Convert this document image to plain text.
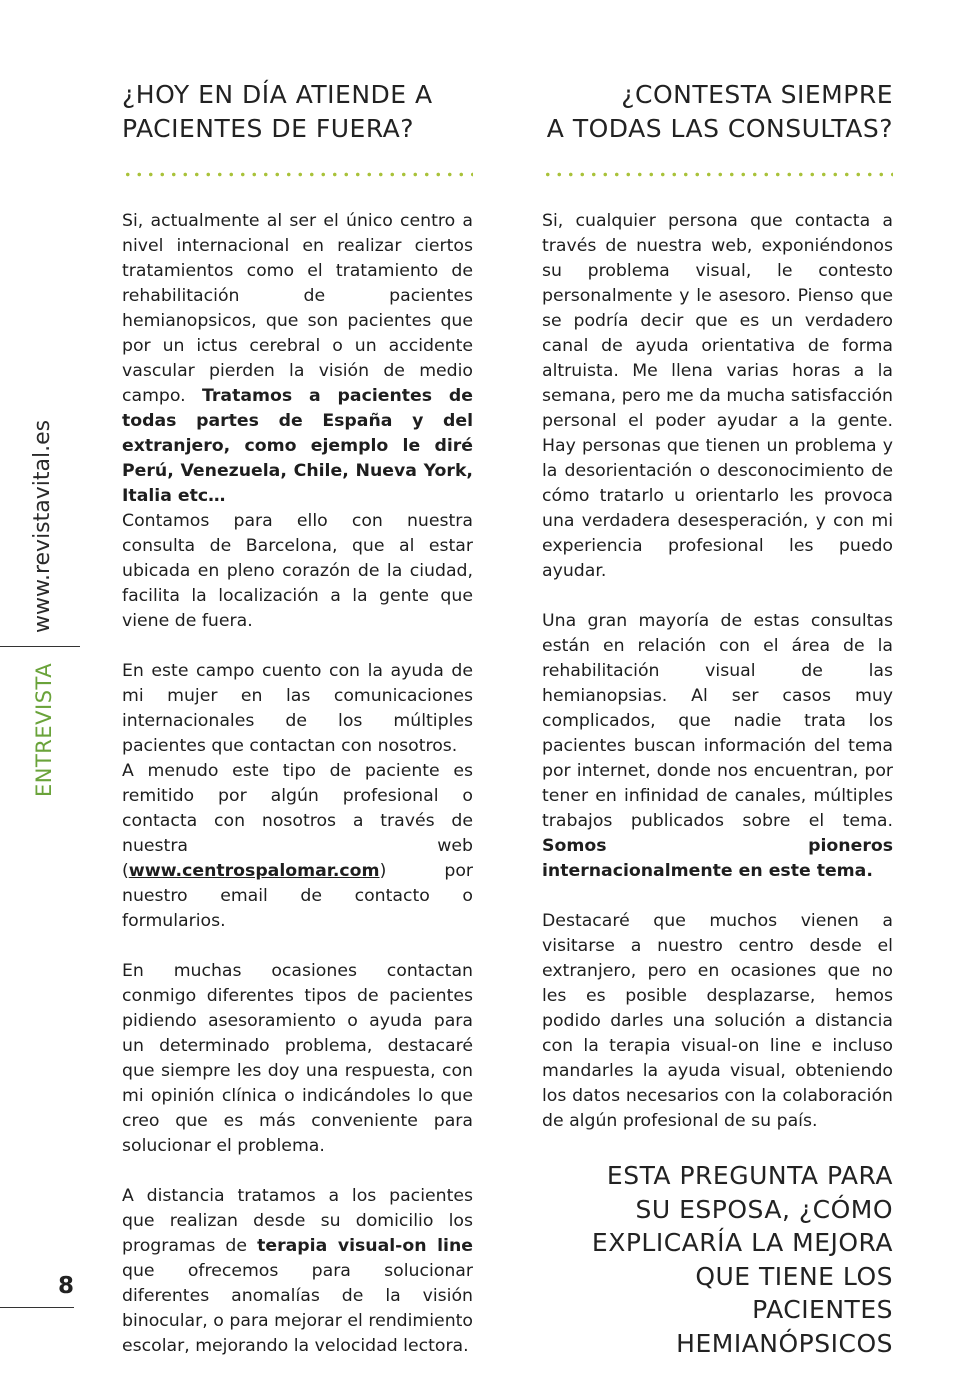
www.revistavital.es
ENTREVISTA
8
¿HOY EN DÍA ATIENDE A
PACIENTES DE FUERA?

Si, actualmente al ser el único centro a nivel internacional en realizar ciertos tratamientos como el tratamiento de rehabilitación de pacientes hemianopsicos, que son pacientes que por un ictus cerebral o un accidente vascular pierden la visión de medio campo. Tratamos a pacientes de todas partes de España y del extranjero, como ejemplo le diré Perú, Venezuela, Chile, Nueva York, Italia etc…

Contamos para ello con nuestra consulta de Barcelona, que al estar ubicada en pleno corazón de la ciudad, facilita la localización a la gente que viene de fuera.

En este campo cuento con la ayuda de mi mujer en las comunicaciones internacionales de los múltiples pacientes que contactan con nosotros.

A menudo este tipo de paciente es remitido por algún profesional o contacta con nosotros a través de nuestra web (www.centrospalomar.com) por nuestro email de contacto o formularios.

En muchas ocasiones contactan conmigo diferentes tipos de pacientes pidiendo asesoramiento o ayuda para un determinado problema, destacaré que siempre les doy una respuesta, con mi opinión clínica o indicándoles lo que creo que es más conveniente para solucionar el problema.

A distancia tratamos a los pacientes que realizan desde su domicilio los programas de terapia visual-on line que ofrecemos para solucionar diferentes anomalías de la visión binocular, o para mejorar el rendimiento escolar, mejorando la velocidad lectora.

¿CONTESTA SIEMPRE
A TODAS LAS CONSULTAS?

Si, cualquier persona que contacta a través de nuestra web, exponiéndonos su problema visual, le contesto personalmente y le asesoro. Pienso que se podría decir que es un verdadero canal de ayuda orientativa de forma altruista. Me llena varias horas a la semana, pero me da mucha satisfacción personal el poder ayudar a la gente. Hay personas que tienen un problema y la desorientación o desconocimiento de cómo tratarlo u orientarlo les provoca una verdadera desesperación, y con mi experiencia profesional les puedo ayudar.

Una gran mayoría de estas consultas están en relación con el área de la rehabilitación visual de las hemianopsias. Al ser casos muy complicados, que nadie trata los pacientes buscan información del tema por internet, donde nos encuentran, por tener en infinidad de canales, múltiples trabajos publicados sobre el tema. Somos pioneros internacionalmente en este tema.

Destacaré que muchos vienen a visitarse a nuestro centro desde el extranjero, pero en ocasiones que no les es posible desplazarse, hemos podido darles una solución a distancia con la terapia visual-on line e incluso mandarles la ayuda visual, obteniendo los datos necesarios con la colaboración de algún profesional de su país.

ESTA PREGUNTA PARA
SU ESPOSA, ¿CÓMO
EXPLICARÍA LA MEJORA
QUE TIENE LOS
PACIENTES
HEMIANÓPSICOS
